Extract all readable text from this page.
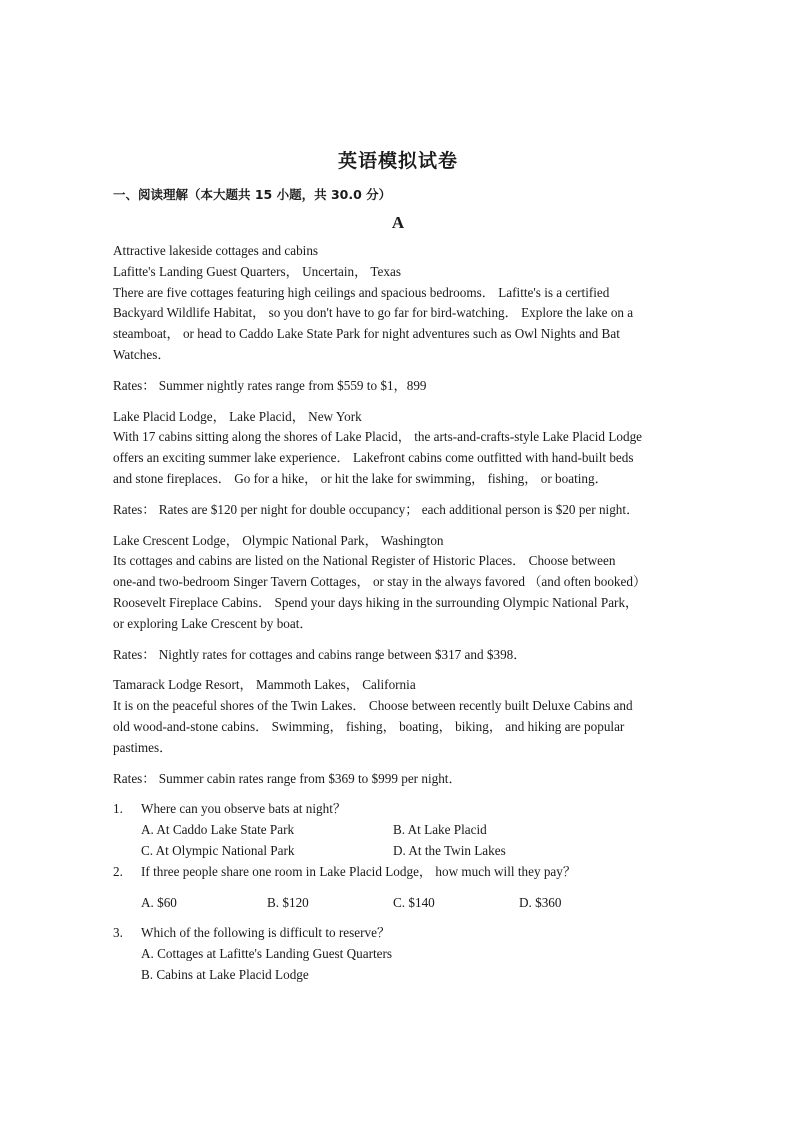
英语模拟试卷
一、阅读理解（本大题共 15 小题，共 30.0 分）
A

Attractive lakeside cottages and cabins
Lafitte's Landing Guest Quarters， Uncertain， Texas
There are five cottages featuring high ceilings and spacious bedrooms． Lafitte's is a certified
Backyard Wildlife Habitat， so you don't have to go far for bird-watching． Explore the lake on a
steamboat， or head to Caddo Lake State Park for night adventures such as Owl Nights and Bat
Watches．

Rates： Summer nightly rates range from $559 to $1，899

Lake Placid Lodge， Lake Placid， New York
With 17 cabins sitting along the shores of Lake Placid， the arts-and-crafts-style Lake Placid Lodge
offers an exciting summer lake experience． Lakefront cabins come outfitted with hand-built beds
and stone fireplaces． Go for a hike， or hit the lake for swimming， fishing， or boating．

Rates： Rates are $120 per night for double occupancy； each additional person is $20 per night．

Lake Crescent Lodge， Olympic National Park， Washington
Its cottages and cabins are listed on the National Register of Historic Places． Choose between
one-and two-bedroom Singer Tavern Cottages， or stay in the always favored （and often booked）
Roosevelt Fireplace Cabins． Spend your days hiking in the surrounding Olympic National Park，
or exploring Lake Crescent by boat．

Rates： Nightly rates for cottages and cabins range between $317 and $398．

Tamarack Lodge Resort， Mammoth Lakes， California
It is on the peaceful shores of the Twin Lakes． Choose between recently built Deluxe Cabins and
old wood-and-stone cabins． Swimming， fishing， boating， biking， and hiking are popular
pastimes．

Rates： Summer cabin rates range from $369 to $999 per night．
1.	Where can you observe bats at night？
A. At Caddo Lake State Park	B. At Lake Placid
C. At Olympic National Park	D. At the Twin Lakes
2.	If three people share one room in Lake Placid Lodge， how much will they pay？
A. $60	B. $120	C. $140	D. $360
3.	Which of the following is difficult to reserve？
A. Cottages at Lafitte's Landing Guest Quarters
B. Cabins at Lake Placid Lodge
